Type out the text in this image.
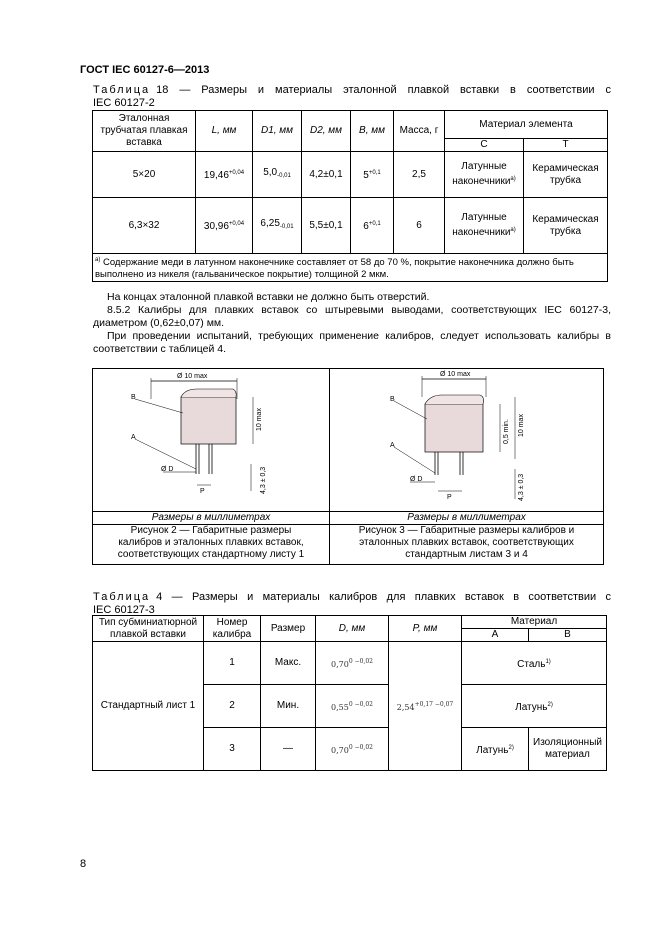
ГОСТ IEC 60127-6—2013
Таблица 18 — Размеры и материалы эталонной плавкой вставки в соответствии с
IEC 60127-2
Эталонная трубчатая плавкая вставка	L, мм	D1, мм	D2, мм	B, мм	Масса, г	Материал элемента	
						С	Т
5×20	$19,46^{+0,04}$	$5,0_{-0,01}$	4,2±0,1	$5^{+0,1}$	2,5	Латунные наконечники$^{a)}$	Керамическая трубка
6,3×32	$30,96^{+0,04}$	$6,25_{-0,01}$	5,5±0,1	$6^{+0,1}$	6	Латунные наконечники$^{a)}$	Керамическая трубка
$^{a)}$ Содержание меди в латунном наконечнике составляет от 58 до 70 %, покрытие наконечника должно быть выполнено из никеля (гальваническое покрытие) толщиной 2 мкм.							
На концах эталонной плавкой вставки не должно быть отверстий.
8.5.2 Калибры для плавких вставок со штыревыми выводами, соответствующих IEC 60127-3, диаметром (0,62±0,07) мм.
При проведении испытаний, требующих применение калибров, следует использовать калибры в соответствии с таблицей 4.
Ø 10 max
10 max
4,3 ± 0,3
B
A
Ø D
P
Ø 10 max
0,5 min. 10 max
4,3 ± 0,3
B
A
Ø D
P
Размеры в миллиметрах	Размеры в миллиметрах
Рисунок 2 — Габаритные размеры калибров и эталонных плавких вставок, соответствующих стандартному листу 1
Рисунок 3 — Габаритные размеры калибров и эталонных плавких вставок, соответствующих стандартным листам 3 и 4
Таблица 4 — Размеры и материалы калибров для плавких вставок в соответствии с
IEC 60127-3
Тип субминиатюрной плавкой вставки	Номер калибра	Размер	D, мм	P, мм	Материал	
					А	В
Стандартный лист 1	1	Макс.	$0,70^{0 -0,02}$	$2,54^{+0,17 -0,07}$	Сталь$^{1)}$
	2	Мин.	$0,55^{0 -0,02}$		Латунь$^{2)}$
	3	—	$0,70^{0 -0,02}$		Латунь$^{2)}$	Изоляционный материал
8
